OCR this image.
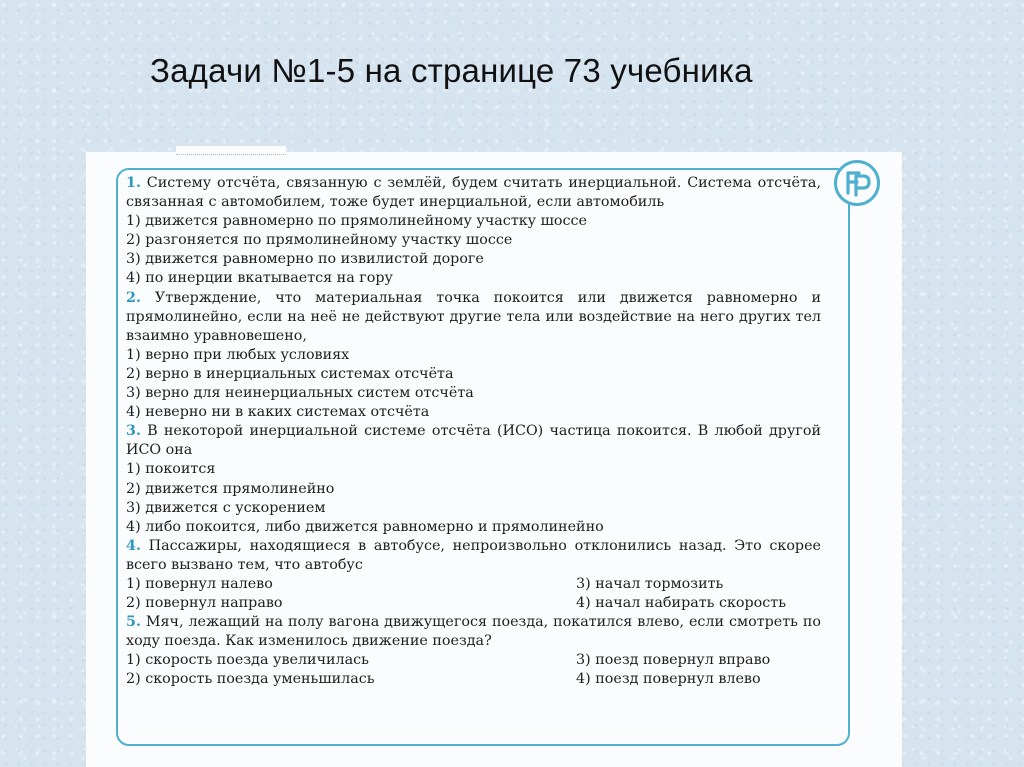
Задачи №1-5 на странице 73 учебника
1. Систему отсчёта, связанную с землёй, будем считать инерциальной. Система отсчёта, связанная с автомобилем, тоже будет инерциальной, если автомобиль
1) движется равномерно по прямолинейному участку шоссе
2) разгоняется по прямолинейному участку шоссе
3) движется равномерно по извилистой дороге
4) по инерции вкатывается на гору
2. Утверждение, что материальная точка покоится или движется равномерно и прямолинейно, если на неё не действуют другие тела или воздействие на него других тел взаимно уравновешено,
1) верно при любых условиях
2) верно в инерциальных системах отсчёта
3) верно для неинерциальных систем отсчёта
4) неверно ни в каких системах отсчёта
3. В некоторой инерциальной системе отсчёта (ИСО) частица покоится. В любой другой ИСО она
1) покоится
2) движется прямолинейно
3) движется с ускорением
4) либо покоится, либо движется равномерно и прямолинейно
4. Пассажиры, находящиеся в автобусе, непроизвольно отклонились назад. Это скорее всего вызвано тем, что автобус
1) повернул налево	3) начал тормозить
2) повернул направо	4) начал набирать скорость
5. Мяч, лежащий на полу вагона движущегося поезда, покатился влево, если смотреть по ходу поезда. Как изменилось движение поезда?
1) скорость поезда увеличилась	3) поезд повернул вправо
2) скорость поезда уменьшилась	4) поезд повернул влево
